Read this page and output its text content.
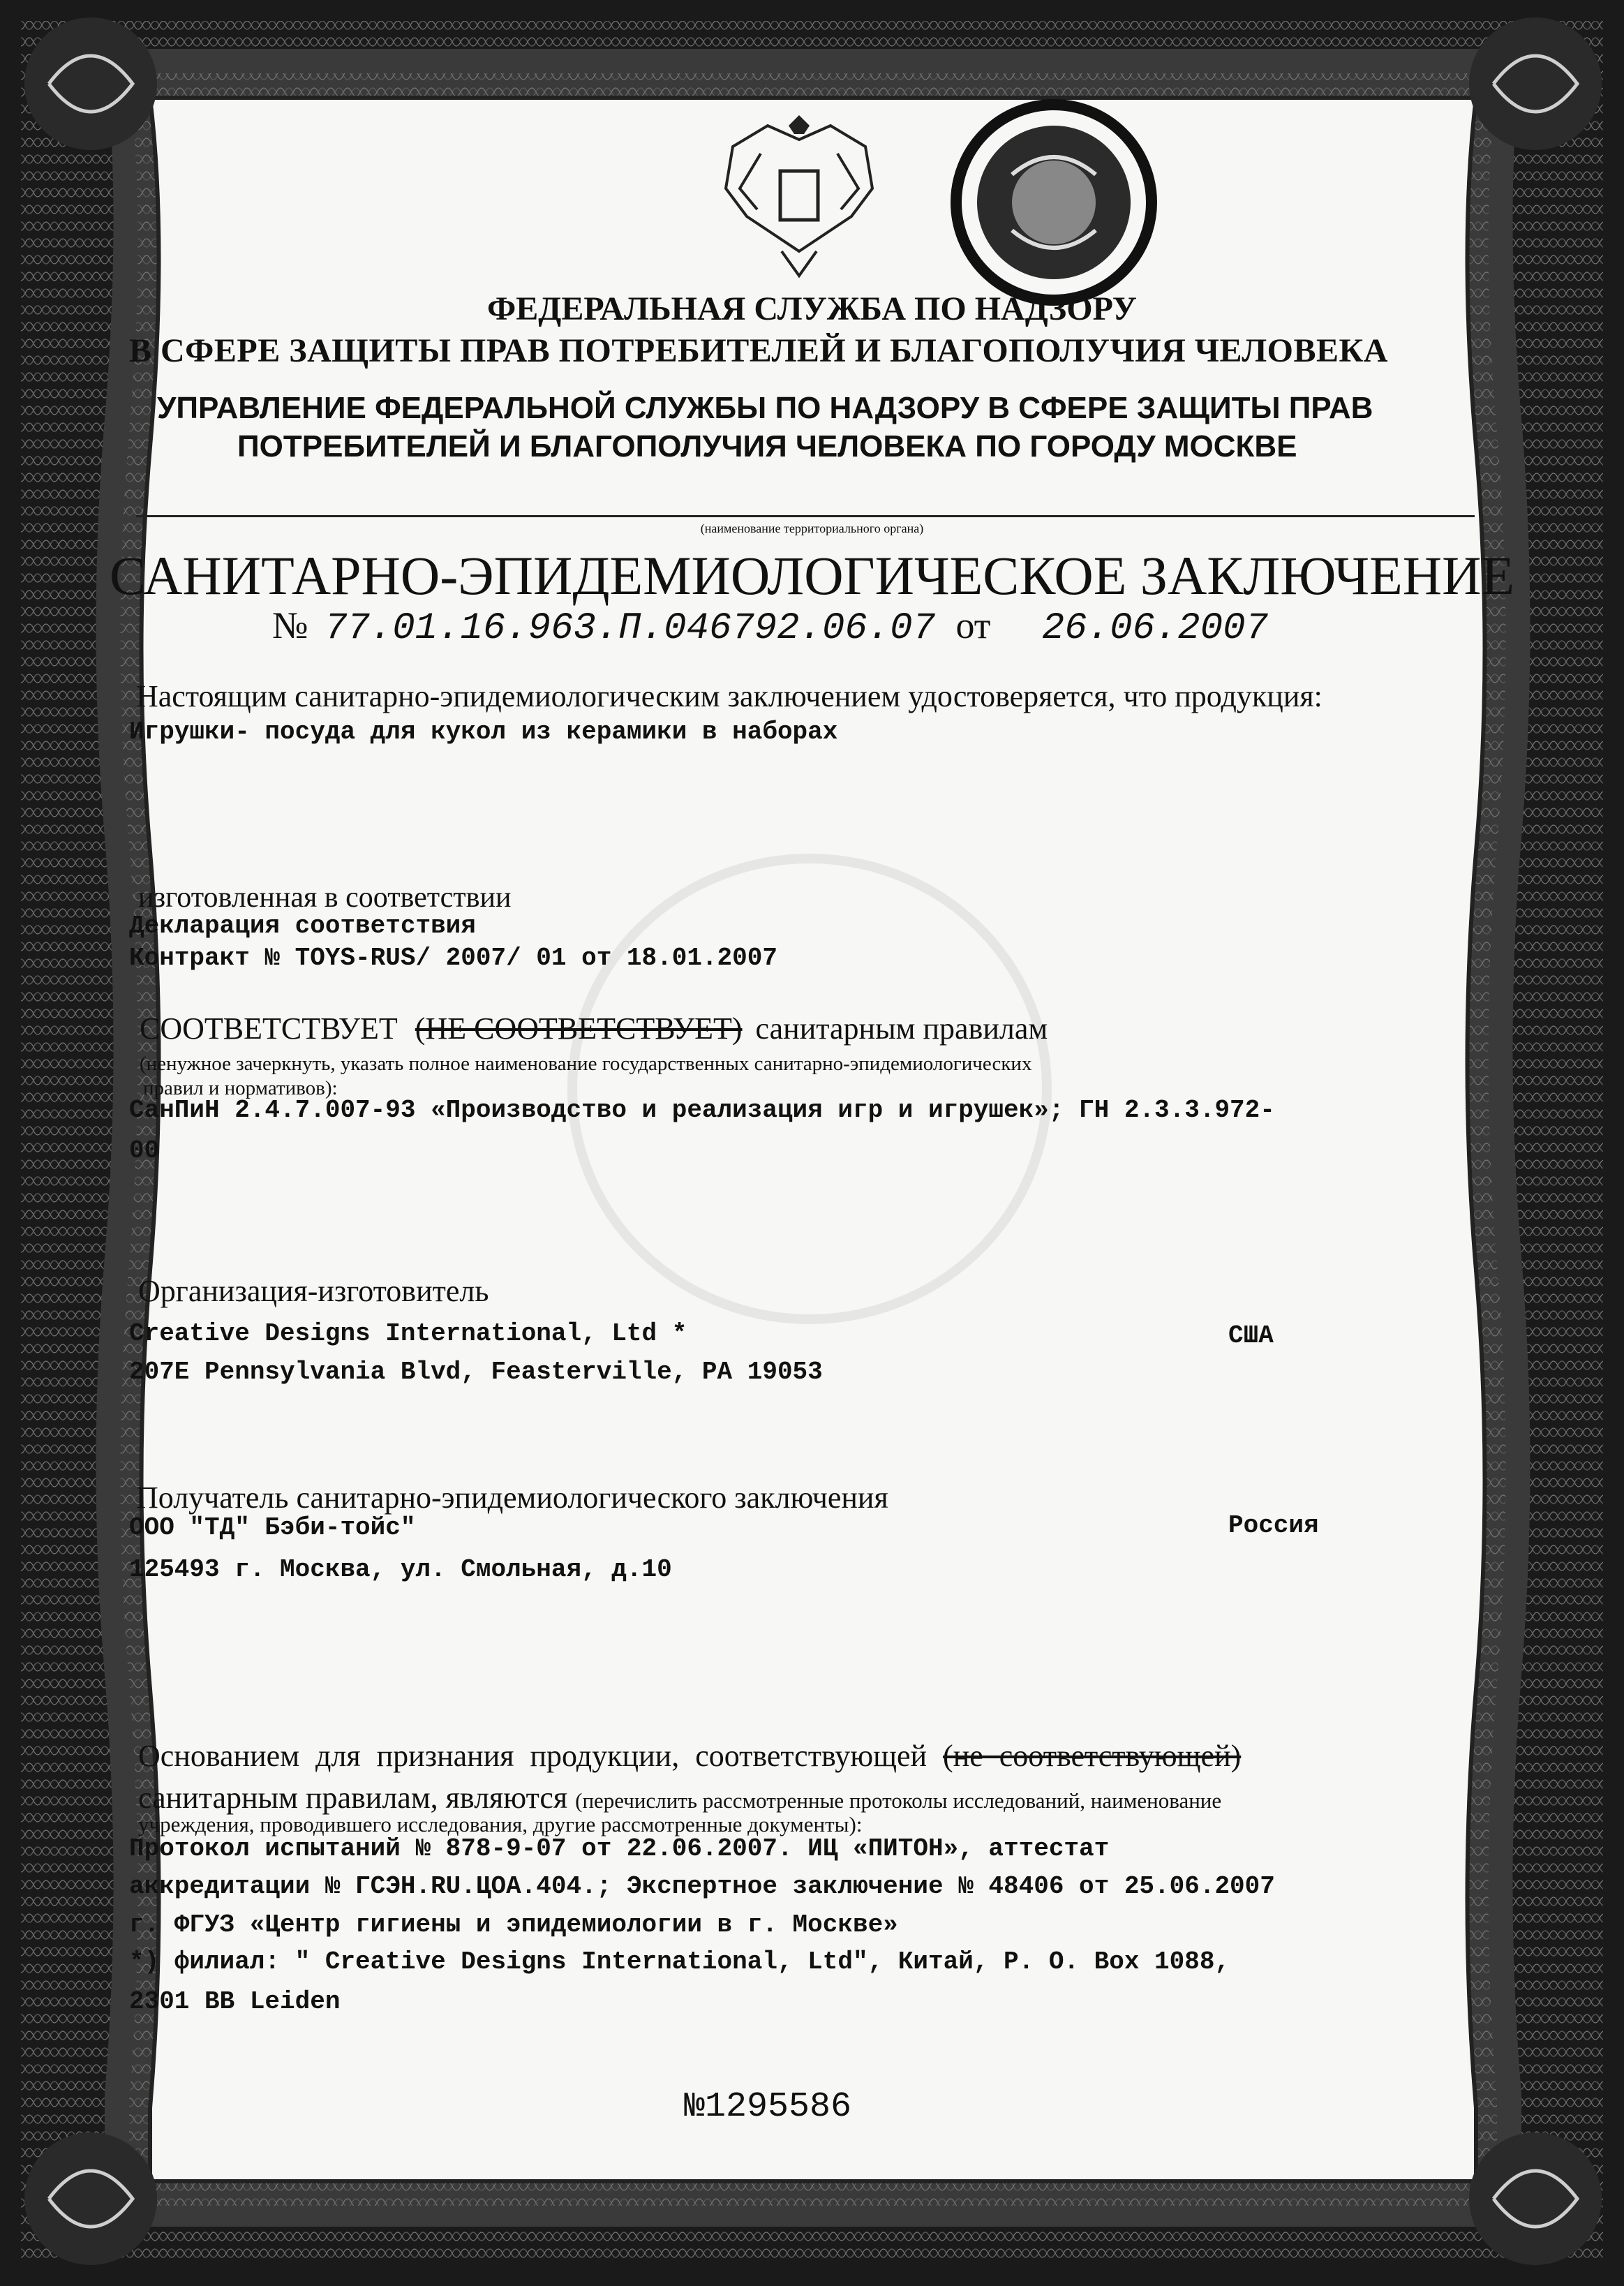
ФЕДЕРАЛЬНАЯ СЛУЖБА ПО НАДЗОРУ
В СФЕРЕ ЗАЩИТЫ ПРАВ ПОТРЕБИТЕЛЕЙ И БЛАГОПОЛУЧИЯ ЧЕЛОВЕКА
УПРАВЛЕНИЕ ФЕДЕРАЛЬНОЙ СЛУЖБЫ ПО НАДЗОРУ В СФЕРЕ ЗАЩИТЫ ПРАВ
ПОТРЕБИТЕЛЕЙ И БЛАГОПОЛУЧИЯ ЧЕЛОВЕКА ПО ГОРОДУ МОСКВЕ
(наименование территориального органа)
САНИТАРНО-ЭПИДЕМИОЛОГИЧЕСКОЕ ЗАКЛЮЧЕНИЕ
№ 77.01.16.963.П.046792.06.07 от 26.06.2007
Настоящим санитарно-эпидемиологическим заключением удостоверяется, что продукция:
Игрушки- посуда для кукол из керамики в наборах
изготовленная в соответствии
Декларация соответствия
Контракт № TOYS-RUS/ 2007/ 01 от 18.01.2007
СООТВЕТСТВУЕТ (НЕ СООТВЕТСТВУЕТ) санитарным правилам
(ненужное зачеркнуть, указать полное наименование государственных санитарно-эпидемиологических
правил и нормативов):
СанПиН 2.4.7.007-93 «Производство и реализация игр и игрушек»; ГН 2.3.3.972-
00
Организация-изготовитель
Creative Designs International, Ltd *	США
207E Pennsylvania Blvd, Feasterville, PA 19053
Получатель санитарно-эпидемиологического заключения
ООО "ТД" Бэби-тойс"	Россия
125493 г. Москва, ул. Смольная, д.10
Основанием для признания продукции, соответствующей (не соответствующей)
санитарным правилам, являются (перечислить рассмотренные протоколы исследований, наименование
учреждения, проводившего исследования, другие рассмотренные документы):
Протокол испытаний № 878-9-07 от 22.06.2007. ИЦ «ПИТОН», аттестат
аккредитации № ГСЭН.RU.ЦОА.404.; Экспертное заключение № 48406 от 25.06.2007
г. ФГУЗ «Центр гигиены и эпидемиологии в г. Москве»
*) филиал: " Creative Designs International, Ltd", Китай, P. O. Box 1088,
2301 BB Leiden
№1295586
